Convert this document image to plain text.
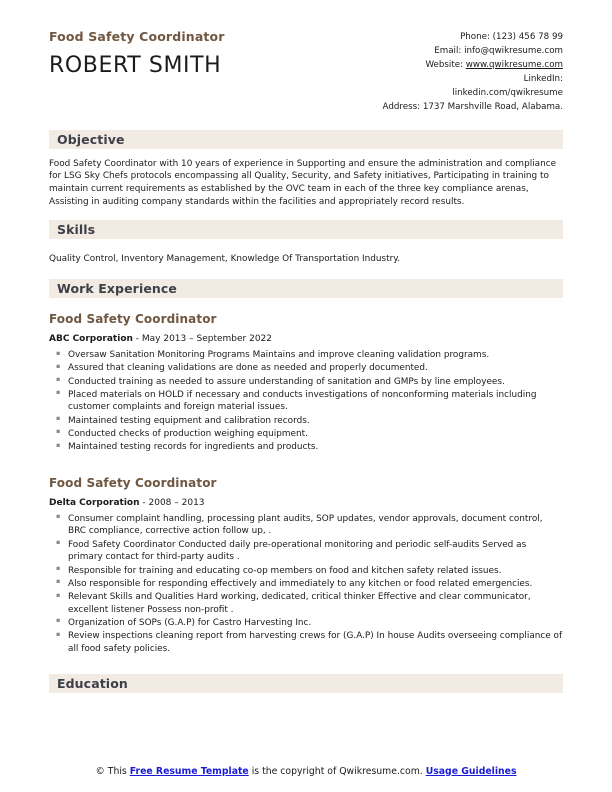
Food Safety Coordinator
ROBERT SMITH
Phone: (123) 456 78 99
Email: info@qwikresume.com
Website: www.qwikresume.com
LinkedIn:
linkedin.com/qwikresume
Address: 1737 Marshville Road, Alabama.
Objective
Food Safety Coordinator with 10 years of experience in Supporting and ensure the administration and compliance for LSG Sky Chefs protocols encompassing all Quality, Security, and Safety initiatives, Participating in training to maintain current requirements as established by the OVC team in each of the three key compliance arenas, Assisting in auditing company standards within the facilities and appropriately record results.
Skills
Quality Control, Inventory Management, Knowledge Of Transportation Industry.
Work Experience
Food Safety Coordinator
ABC Corporation - May 2013 – September 2022
▪ Oversaw Sanitation Monitoring Programs Maintains and improve cleaning validation programs.
▪ Assured that cleaning validations are done as needed and properly documented.
▪ Conducted training as needed to assure understanding of sanitation and GMPs by line employees.
▪ Placed materials on HOLD if necessary and conducts investigations of nonconforming materials including customer complaints and foreign material issues.
▪ Maintained testing equipment and calibration records.
▪ Conducted checks of production weighing equipment.
▪ Maintained testing records for ingredients and products.
Food Safety Coordinator
Delta Corporation - 2008 – 2013
▪ Consumer complaint handling, processing plant audits, SOP updates, vendor approvals, document control, BRC compliance, corrective action follow up, .
▪ Food Safety Coordinator Conducted daily pre-operational monitoring and periodic self-audits Served as primary contact for third-party audits .
▪ Responsible for training and educating co-op members on food and kitchen safety related issues.
▪ Also responsible for responding effectively and immediately to any kitchen or food related emergencies.
▪ Relevant Skills and Qualities Hard working, dedicated, critical thinker Effective and clear communicator, excellent listener Possess non-profit .
▪ Organization of SOPs (G.A.P) for Castro Harvesting Inc.
▪ Review inspections cleaning report from harvesting crews for (G.A.P) In house Audits overseeing compliance of all food safety policies.
Education
© This Free Resume Template is the copyright of Qwikresume.com. Usage Guidelines
